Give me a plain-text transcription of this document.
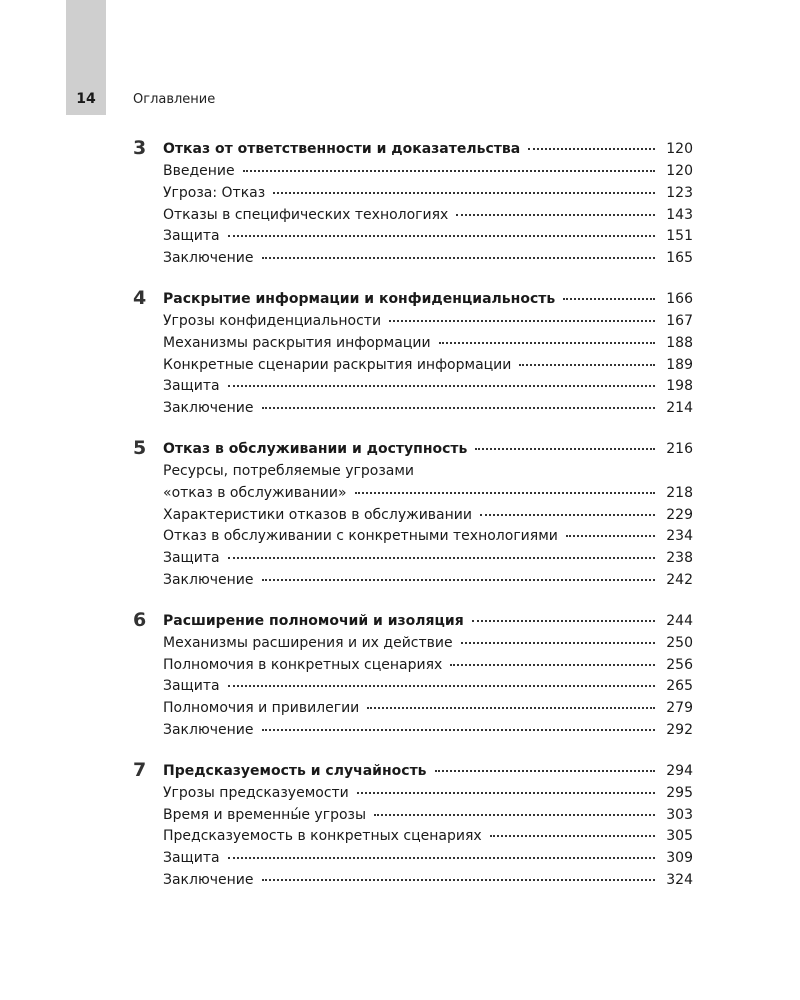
14	Оглавление
3	Отказ от ответственности и доказательства	120
Введение	120
Угроза: Отказ	123
Отказы в специфических технологиях	143
Защита	151
Заключение	165
4	Раскрытие информации и конфиденциальность	166
Угрозы конфиденциальности	167
Механизмы раскрытия информации	188
Конкретные сценарии раскрытия информации	189
Защита	198
Заключение	214
5	Отказ в обслуживании и доступность	216
Ресурсы, потребляемые угрозами
«отказ в обслуживании»	218
Характеристики отказов в обслуживании	229
Отказ в обслуживании с конкретными технологиями	234
Защита	238
Заключение	242
6	Расширение полномочий и изоляция	244
Механизмы расширения и их действие	250
Полномочия в конкретных сценариях	256
Защита	265
Полномочия и привилегии	279
Заключение	292
7	Предсказуемость и случайность	294
Угрозы предсказуемости	295
Время и временны́е угрозы	303
Предсказуемость в конкретных сценариях	305
Защита	309
Заключение	324
